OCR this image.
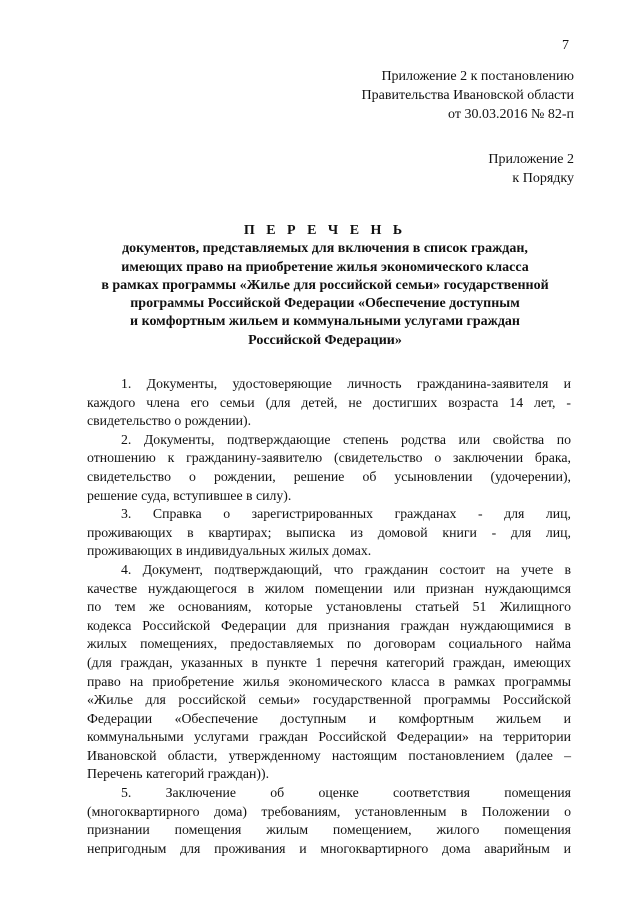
7
Приложение 2 к постановлению
Правительства Ивановской области
от 30.03.2016 № 82-п
Приложение 2
к Порядку
П Е Р Е Ч Е Н Ь
документов, представляемых для включения в список граждан,
имеющих право на приобретение жилья экономического класса
в рамках программы «Жилье для российской семьи» государственной
программы Российской Федерации «Обеспечение доступным
и комфортным жильем и коммунальными услугами граждан
Российской Федерации»
1. Документы, удостоверяющие личность гражданина-заявителя и
каждого члена его семьи (для детей, не достигших возраста 14 лет, -
свидетельство о рождении).
2. Документы, подтверждающие степень родства или свойства по
отношению к гражданину-заявителю (свидетельство о заключении брака,
свидетельство о рождении, решение об усыновлении (удочерении),
решение суда, вступившее в силу).
3. Справка о зарегистрированных гражданах - для лиц,
проживающих в квартирах; выписка из домовой книги - для лиц,
проживающих в индивидуальных жилых домах.
4. Документ, подтверждающий, что гражданин состоит на учете в
качестве нуждающегося в жилом помещении или признан нуждающимся
по тем же основаниям, которые установлены статьей 51 Жилищного
кодекса Российской Федерации для признания граждан нуждающимися в
жилых помещениях, предоставляемых по договорам социального найма
(для граждан, указанных в пункте 1 перечня категорий граждан, имеющих
право на приобретение жилья экономического класса в рамках программы
«Жилье для российской семьи» государственной программы Российской
Федерации «Обеспечение доступным и комфортным жильем и
коммунальными услугами граждан Российской Федерации» на территории
Ивановской области, утвержденному настоящим постановлением (далее –
Перечень категорий граждан)).
5. Заключение об оценке соответствия помещения
(многоквартирного дома) требованиям, установленным в Положении о
признании помещения жилым помещением, жилого помещения
непригодным для проживания и многоквартирного дома аварийным и
